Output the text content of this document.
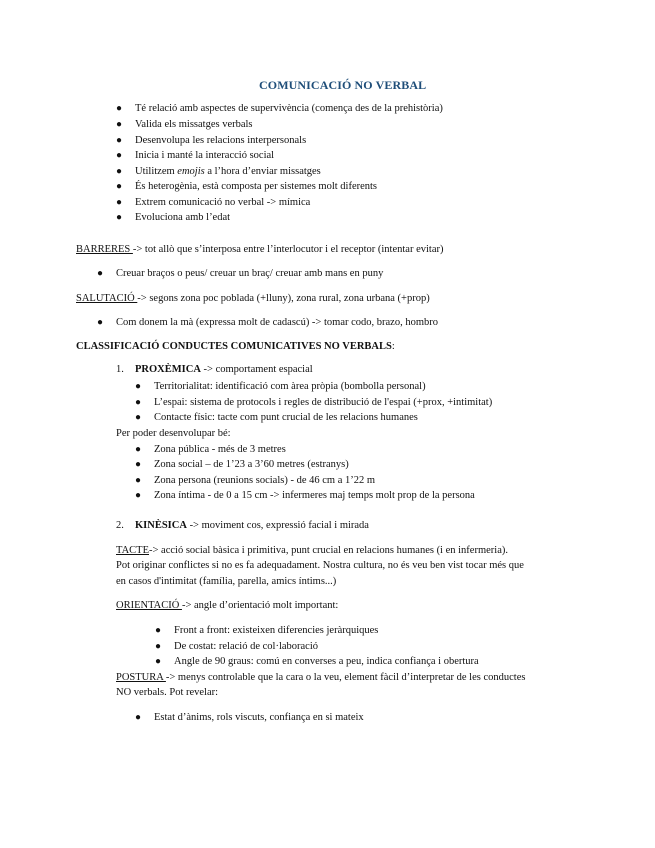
COMUNICACIÓ NO VERBAL
● Té relació amb aspectes de supervivència (comença des de la prehistòria)
● Valida els missatges verbals
● Desenvolupa les relacions interpersonals
● Inicia i manté la interacció social
● Utilitzem emojis a l’hora d’enviar missatges
● És heterogènia, està composta per sistemes molt diferents
● Extrem comunicació no verbal -> mímica
● Evoluciona amb l’edat
BARRERES -> tot allò que s’interposa entre l’interlocutor i el receptor (intentar evitar)
● Creuar braços o peus/ creuar un braç/ creuar amb mans en puny
SALUTACIÓ -> segons zona poc poblada (+lluny), zona rural, zona urbana (+prop)
● Com donem la mà (expressa molt de cadascú) -> tomar codo, brazo, hombro
CLASSIFICACIÓ CONDUCTES COMUNICATIVES NO VERBALS:
1. PROXÈMICA -> comportament espacial
● Territorialitat: identificació com àrea pròpia (bombolla personal)
● L’espai: sistema de protocols i regles de distribució de l'espai (+prox, +intimitat)
● Contacte físic: tacte com punt crucial de les relacions humanes
Per poder desenvolupar bé:
● Zona pública - més de 3 metres
● Zona social – de 1’23 a 3’60 metres (estranys)
● Zona persona (reunions socials) - de 46 cm a 1’22 m
● Zona íntima - de 0 a 15 cm -> infermeres maj temps molt prop de la persona
2. KINÈSICA -> moviment cos, expressió facial i mirada
TACTE-> acció social bàsica i primitiva, punt crucial en relacions humanes (i en infermeria).
Pot originar conflictes si no es fa adequadament. Nostra cultura, no és veu ben vist tocar més que
en casos d'intimitat (família, parella, amics íntims...)
ORIENTACIÓ -> angle d’orientació molt important:
● Front a front: existeixen diferencies jeràrquiques
● De costat: relació de col·laboració
● Angle de 90 graus: comú en converses a peu, indica confiança i obertura
POSTURA -> menys controlable que la cara o la veu, element fàcil d’interpretar de les conductes
NO verbals. Pot revelar:
● Estat d’ànims, rols viscuts, confiança en si mateix
